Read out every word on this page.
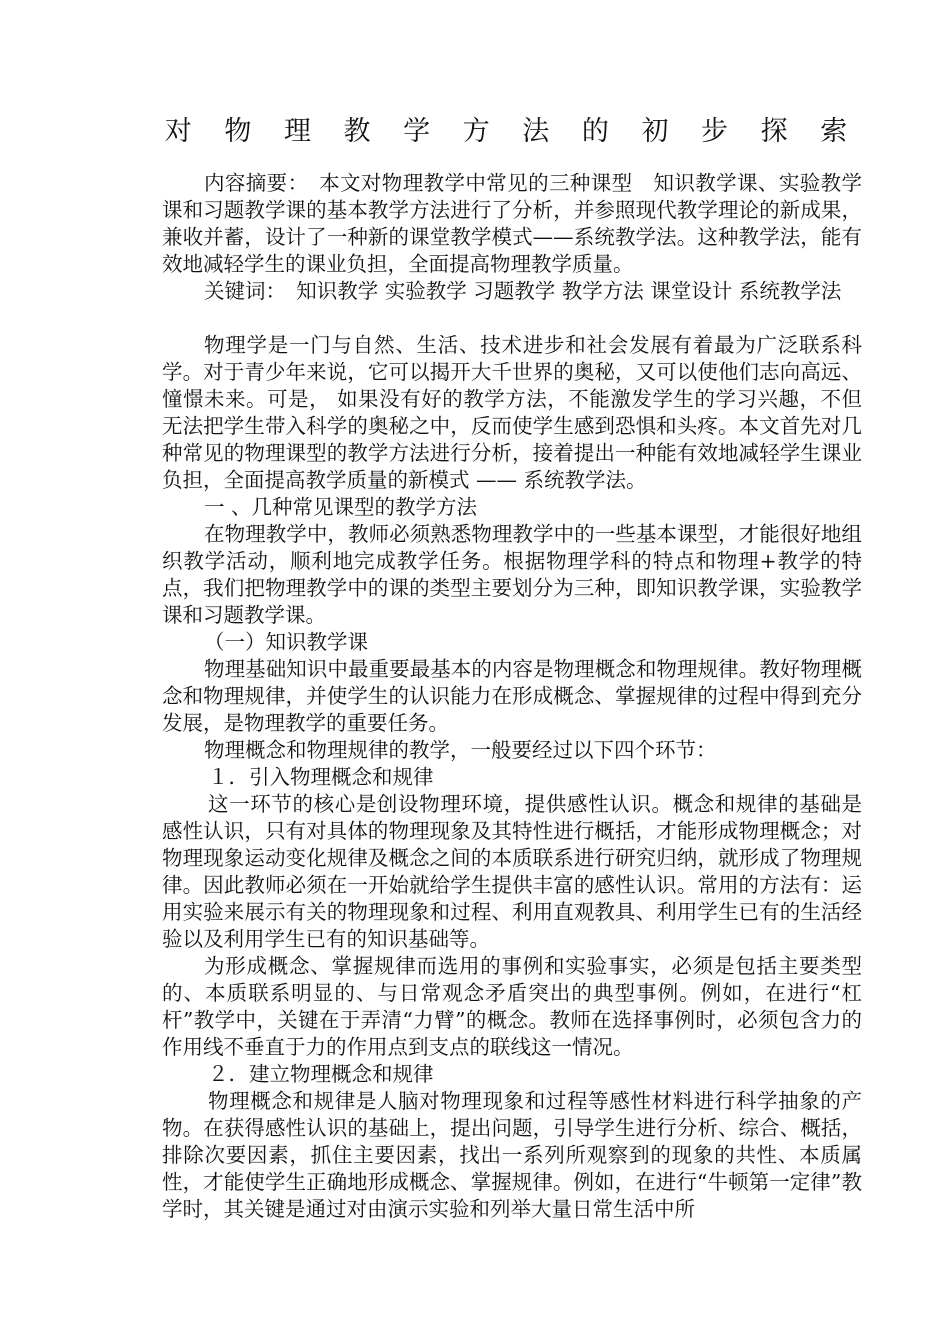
对 物 理 教 学 方 法 的 初 步 探 索

内容摘要：　本文对物理教学中常见的三种课型　知识教学课、实验教学课和习题教学课的基本教学方法进行了分析，并参照现代教学理论的新成果，兼收并蓄，设计了一种新的课堂教学模式——系统教学法。这种教学法，能有效地减轻学生的课业负担，全面提高物理教学质量。

关键词：　知识教学 实验教学 习题教学 教学方法 课堂设计 系统教学法

物理学是一门与自然、生活、技术进步和社会发展有着最为广泛联系科学。对于青少年来说，它可以揭开大千世界的奥秘，又可以使他们志向高远、憧憬未来。可是， 如果没有好的教学方法，不能激发学生的学习兴趣，不但无法把学生带入科学的奥秘之中，反而使学生感到恐惧和头疼。本文首先对几种常见的物理课型的教学方法进行分析，接着提出一种能有效地减轻学生课业负担，全面提高教学质量的新模式 —— 系统教学法。

一 、几种常见课型的教学方法

在物理教学中，教师必须熟悉物理教学中的一些基本课型，才能很好地组织教学活动，顺利地完成教学任务。根据物理学科的特点和物理+教学的特点，我们把物理教学中的课的类型主要划分为三种，即知识教学课，实验教学课和习题教学课。

（一）知识教学课

物理基础知识中最重要最基本的内容是物理概念和物理规律。教好物理概念和物理规律，并使学生的认识能力在形成概念、掌握规律的过程中得到充分发展，是物理教学的重要任务。

物理概念和物理规律的教学，一般要经过以下四个环节：

１．引入物理概念和规律

这一环节的核心是创设物理环境，提供感性认识。概念和规律的基础是感性认识，只有对具体的物理现象及其特性进行概括，才能形成物理概念；对物理现象运动变化规律及概念之间的本质联系进行研究归纳，就形成了物理规律。因此教师必须在一开始就给学生提供丰富的感性认识。常用的方法有：运用实验来展示有关的物理现象和过程、利用直观教具、利用学生已有的生活经验以及利用学生已有的知识基础等。

为形成概念、掌握规律而选用的事例和实验事实，必须是包括主要类型的、本质联系明显的、与日常观念矛盾突出的典型事例。例如，在进行“杠杆”教学中，关键在于弄清“力臂”的概念。教师在选择事例时，必须包含力的作用线不垂直于力的作用点到支点的联线这一情况。

２．建立物理概念和规律

物理概念和规律是人脑对物理现象和过程等感性材料进行科学抽象的产物。在获得感性认识的基础上，提出问题，引导学生进行分析、综合、概括，排除次要因素，抓住主要因素，找出一系列所观察到的现象的共性、本质属性，才能使学生正确地形成概念、掌握规律。例如，在进行“牛顿第一定律”教学时，其关键是通过对由演示实验和列举大量日常生活中所
